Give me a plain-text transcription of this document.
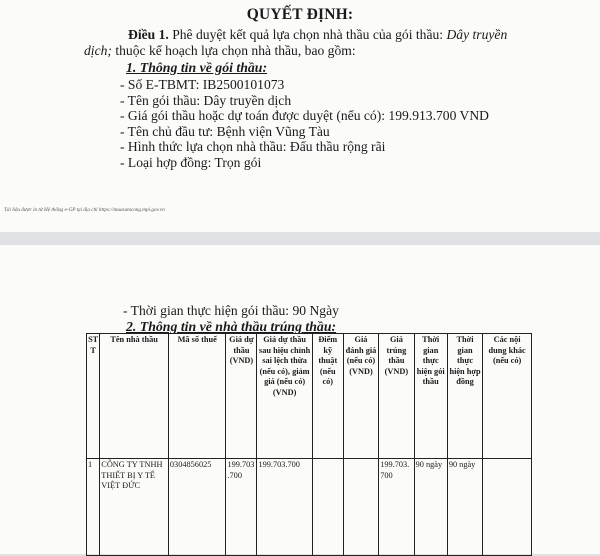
QUYẾT ĐỊNH:
Điều 1. Phê duyệt kết quả lựa chọn nhà thầu của gói thầu: Dây truyền dịch; thuộc kế hoạch lựa chọn nhà thầu, bao gồm:
1. Thông tin về gói thầu:
- Số E-TBMT: IB2500101073
- Tên gói thầu: Dây truyền dịch
- Giá gói thầu hoặc dự toán được duyệt (nếu có): 199.913.700 VND
- Tên chủ đầu tư: Bệnh viện Vũng Tàu
- Hình thức lựa chọn nhà thầu: Đấu thầu rộng rãi
- Loại hợp đồng: Trọn gói
Tài liệu được in từ Hệ thống e-GP tại địa chỉ https://muasamcong.mpi.gov.vn
- Thời gian thực hiện gói thầu: 90 Ngày
2. Thông tin về nhà thầu trúng thầu:
STT	Tên nhà thầu	Mã số thuế	Giá dự thầu (VND)	Giá dự thầu sau hiệu chỉnh sai lệch thừa (nếu có), giảm giá (nếu có) (VND)	Điểm kỹ thuật (nếu có)	Giá đánh giá (nếu có) (VND)	Giá trúng thầu (VND)	Thời gian thực hiện gói thầu	Thời gian thực hiện hợp đồng	Các nội dung khác (nếu có)
1	CÔNG TY TNHH THIẾT BỊ Y TẾ VIỆT ĐỨC	0304856025	199.703.700	199.703.700			199.703.700	90 ngày	90 ngày	
